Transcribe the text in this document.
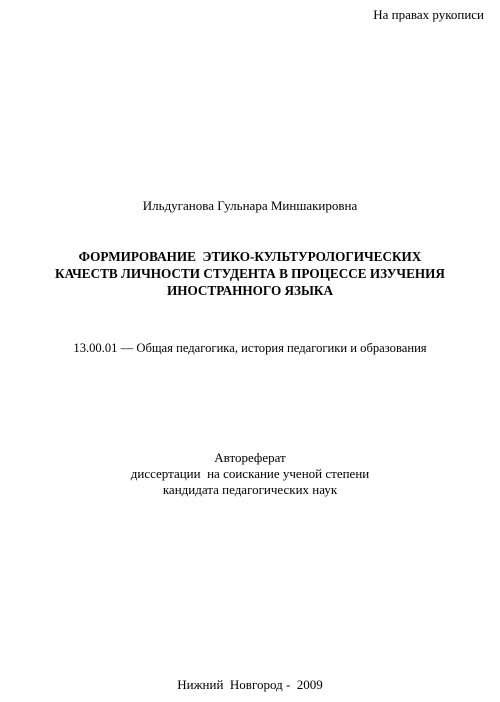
На правах рукописи
Ильдуганова Гульнара Миншакировна
ФОРМИРОВАНИЕ  ЭТИКО-КУЛЬТУРОЛОГИЧЕСКИХ
КАЧЕСТВ ЛИЧНОСТИ СТУДЕНТА В ПРОЦЕССЕ ИЗУЧЕНИЯ
ИНОСТРАННОГО ЯЗЫКА
13.00.01 — Общая педагогика, история педагогики и образования
Автореферат
диссертации  на соискание ученой степени
кандидата педагогических наук
Нижний  Новгород -  2009
